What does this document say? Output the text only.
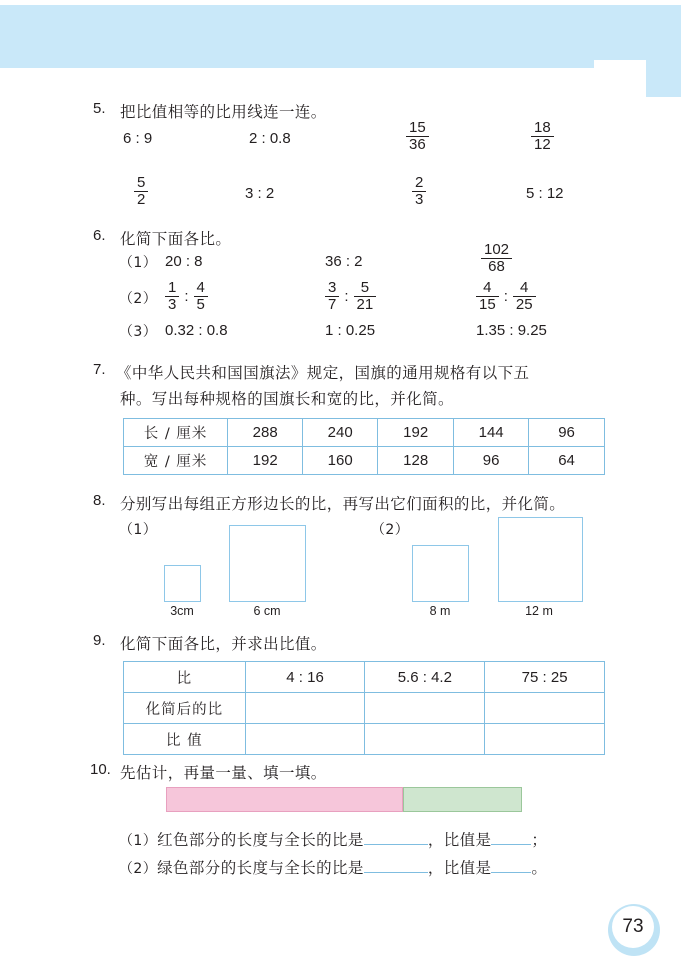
5. 把比值相等的比用线连一连。
6 : 9	2 : 0.8	$\frac{15}{36}$	$\frac{18}{12}$
$\frac{5}{2}$	3 : 2	$\frac{2}{3}$	5 : 12
6. 化简下面各比。
（1） 20 : 8	36 : 2	$\frac{102}{68}$
$(2) \frac{1}{3}$ : $\frac{4}{5}$	$\frac{3}{7}$ : $\frac{5}{21}$	$\frac{4}{15}$ : $\frac{4}{25}$
（3） 0.32 : 0.8	1 : 0.25	1.35 : 9.25
7. 《中华人民共和国国旗法》规定，国旗的通用规格有以下五
种。写出每种规格的国旗长和宽的比，并化简。
长 / 厘米	288	240	192	144	96
宽 / 厘米	192	160	128	96	64
8. 分别写出每组正方形边长的比，再写出它们面积的比，并化简。
（1）
3cm	6 cm
（2）
8 m	12 m
9. 化简下面各比，并求出比值。
比	4 : 16	5.6 : 4.2	75 : 25
化简后的比			
比 值			
10. 先估计，再量一量、填一填。
（1）红色部分的长度与全长的比是	，比值是	；
（2）绿色部分的长度与全长的比是	，比值是	。
73
